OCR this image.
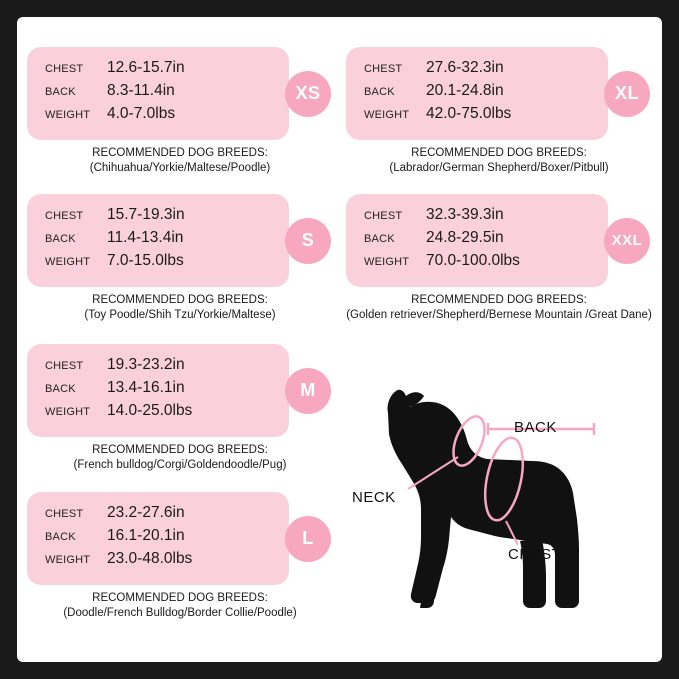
CHEST	12.6-15.7in
BACK	8.3-11.4in
WEIGHT	4.0-7.0lbs
XS
RECOMMENDED DOG BREEDS:
(Chihuahua/Yorkie/Maltese/Poodle)
CHEST	15.7-19.3in
BACK	11.4-13.4in
WEIGHT	7.0-15.0lbs
S
RECOMMENDED DOG BREEDS:
(Toy Poodle/Shih Tzu/Yorkie/Maltese)
CHEST	19.3-23.2in
BACK	13.4-16.1in
WEIGHT	14.0-25.0lbs
M
RECOMMENDED DOG BREEDS:
(French bulldog/Corgi/Goldendoodle/Pug)
CHEST	23.2-27.6in
BACK	16.1-20.1in
WEIGHT	23.0-48.0lbs
L
RECOMMENDED DOG BREEDS:
(Doodle/French Bulldog/Border Collie/Poodle)
CHEST	27.6-32.3in
BACK	20.1-24.8in
WEIGHT	42.0-75.0lbs
XL
RECOMMENDED DOG BREEDS:
(Labrador/German Shepherd/Boxer/Pitbull)
CHEST	32.3-39.3in
BACK	24.8-29.5in
WEIGHT	70.0-100.0lbs
XXL
RECOMMENDED DOG BREEDS:
(Golden retriever/Shepherd/Bernese Mountain /Great Dane)
BACK
NECK
CHEST
